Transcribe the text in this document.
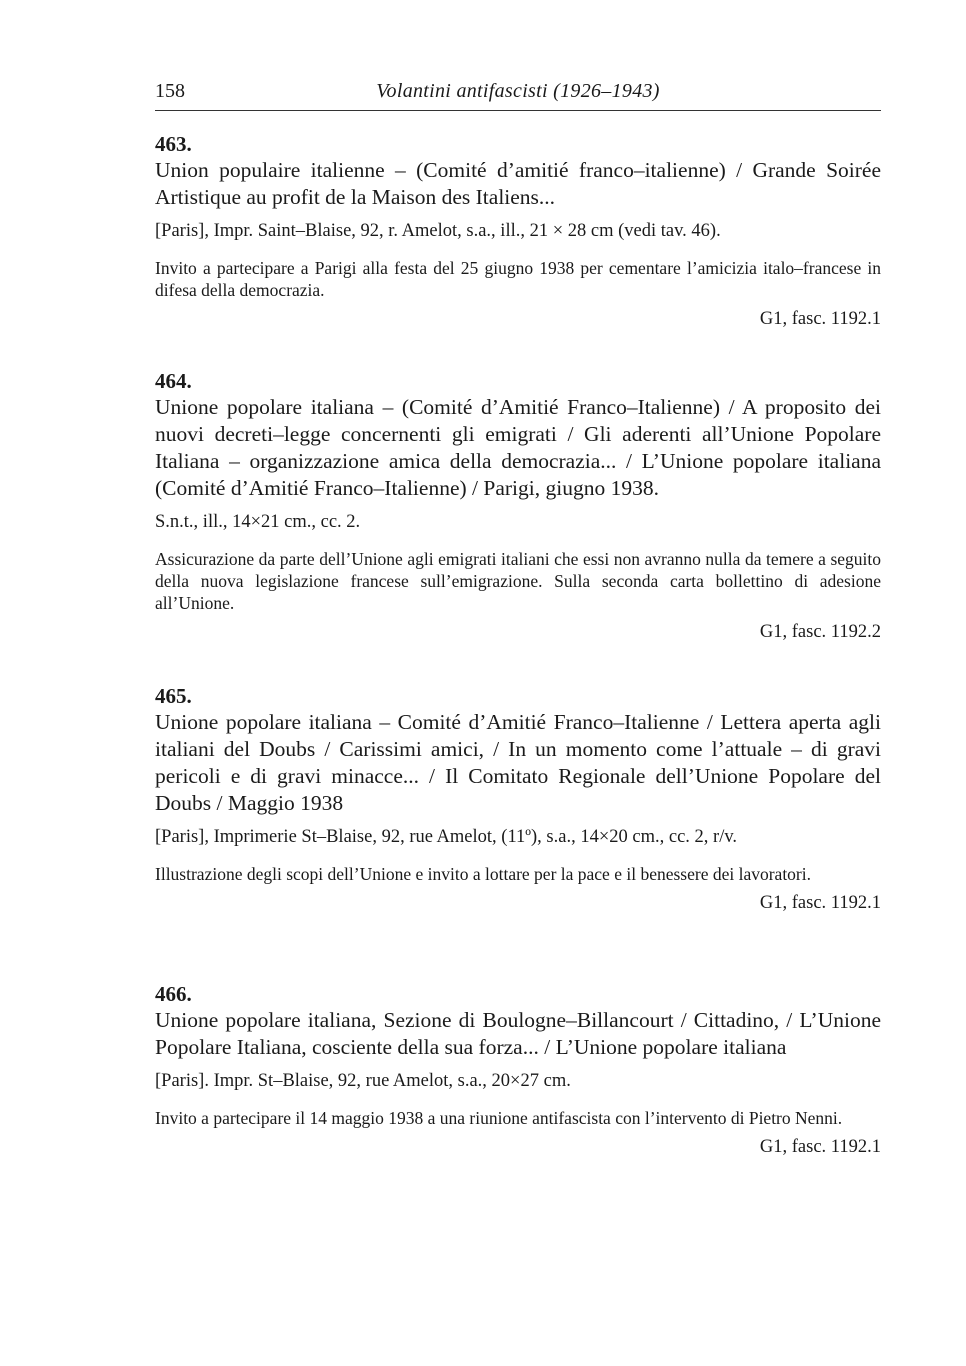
158	Volantini antifascisti (1926–1943)

463.

Union populaire italienne – (Comité d’amitié franco–italienne) / Grande Soirée Artistique au profit de la Maison des Italiens...

[Paris], Impr. Saint–Blaise, 92, r. Amelot, s.a., ill., 21 × 28 cm (vedi tav. 46).

Invito a partecipare a Parigi alla festa del 25 giugno 1938 per cementare l’amicizia italo–francese in difesa della democrazia.

G1, fasc. 1192.1

464.

Unione popolare italiana – (Comité d’Amitié Franco–Italienne) / A proposito dei nuovi decreti–legge concernenti gli emigrati / Gli aderenti all’Unione Popolare Italiana – organizzazione amica della democrazia... / L’Unione popolare italiana (Comité d’Amitié Franco–Italienne) / Parigi, giugno 1938.

S.n.t., ill., 14×21 cm., cc. 2.

Assicurazione da parte dell’Unione agli emigrati italiani che essi non avranno nulla da temere a seguito della nuova legislazione francese sull’emigrazione. Sulla seconda carta bollettino di adesione all’Unione.

G1, fasc. 1192.2

465.

Unione popolare italiana – Comité d’Amitié Franco–Italienne / Lettera aperta agli italiani del Doubs / Carissimi amici, / In un momento come l’attuale – di gravi pericoli e di gravi minacce... / Il Comitato Regionale dell’Unione Popolare del Doubs / Maggio 1938

[Paris], Imprimerie St–Blaise, 92, rue Amelot, (11º), s.a., 14×20 cm., cc. 2, r/v.

Illustrazione degli scopi dell’Unione e invito a lottare per la pace e il benessere dei lavoratori.

G1, fasc. 1192.1

466.

Unione popolare italiana, Sezione di Boulogne–Billancourt / Cittadino, / L’Unione Popolare Italiana, cosciente della sua forza... / L’Unione popolare italiana

[Paris]. Impr. St–Blaise, 92, rue Amelot, s.a., 20×27 cm.

Invito a partecipare il 14 maggio 1938 a una riunione antifascista con l’intervento di Pietro Nenni.

G1, fasc. 1192.1
